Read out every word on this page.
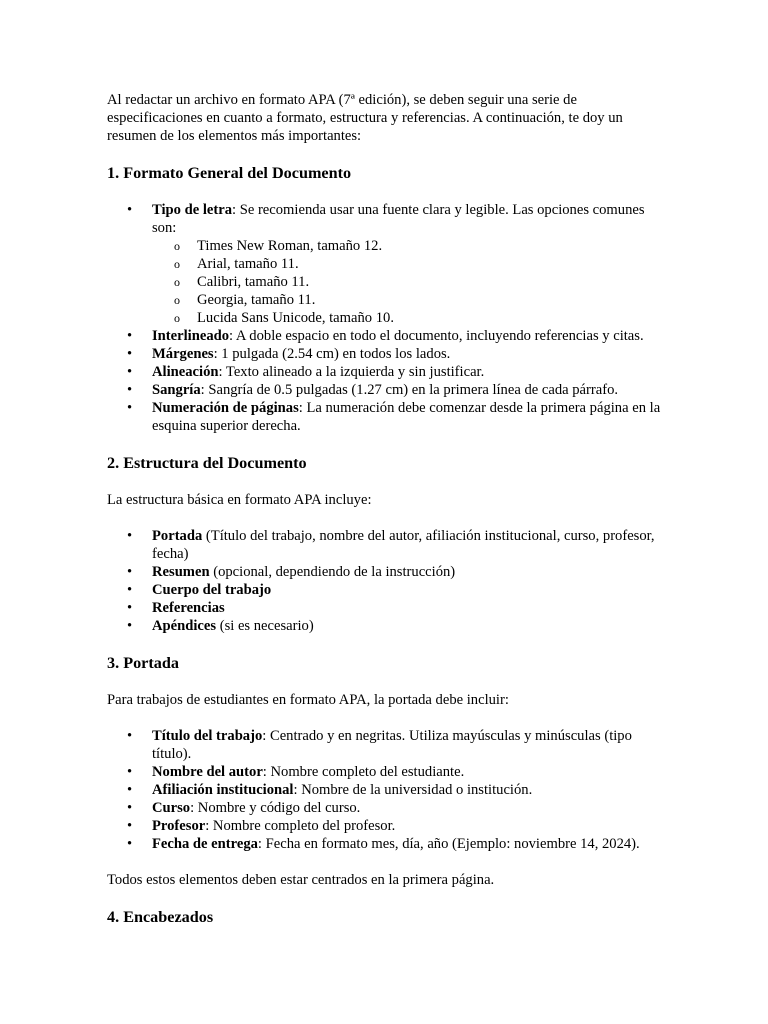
Al redactar un archivo en formato APA (7ª edición), se deben seguir una serie de especificaciones en cuanto a formato, estructura y referencias. A continuación, te doy un resumen de los elementos más importantes:

1. Formato General del Documento
• Tipo de letra: Se recomienda usar una fuente clara y legible. Las opciones comunes son:
o Times New Roman, tamaño 12.
o Arial, tamaño 11.
o Calibri, tamaño 11.
o Georgia, tamaño 11.
o Lucida Sans Unicode, tamaño 10.
• Interlineado: A doble espacio en todo el documento, incluyendo referencias y citas.
• Márgenes: 1 pulgada (2.54 cm) en todos los lados.
• Alineación: Texto alineado a la izquierda y sin justificar.
• Sangría: Sangría de 0.5 pulgadas (1.27 cm) en la primera línea de cada párrafo.
• Numeración de páginas: La numeración debe comenzar desde la primera página en la esquina superior derecha.
2. Estructura del Documento

La estructura básica en formato APA incluye:

• Portada (Título del trabajo, nombre del autor, afiliación institucional, curso, profesor, fecha)
• Resumen (opcional, dependiendo de la instrucción)
• Cuerpo del trabajo
• Referencias
• Apéndices (si es necesario)
3. Portada

Para trabajos de estudiantes en formato APA, la portada debe incluir:

• Título del trabajo: Centrado y en negritas. Utiliza mayúsculas y minúsculas (tipo título).
• Nombre del autor: Nombre completo del estudiante.
• Afiliación institucional: Nombre de la universidad o institución.
• Curso: Nombre y código del curso.
• Profesor: Nombre completo del profesor.
• Fecha de entrega: Fecha en formato mes, día, año (Ejemplo: noviembre 14, 2024).

Todos estos elementos deben estar centrados en la primera página.

4. Encabezados
